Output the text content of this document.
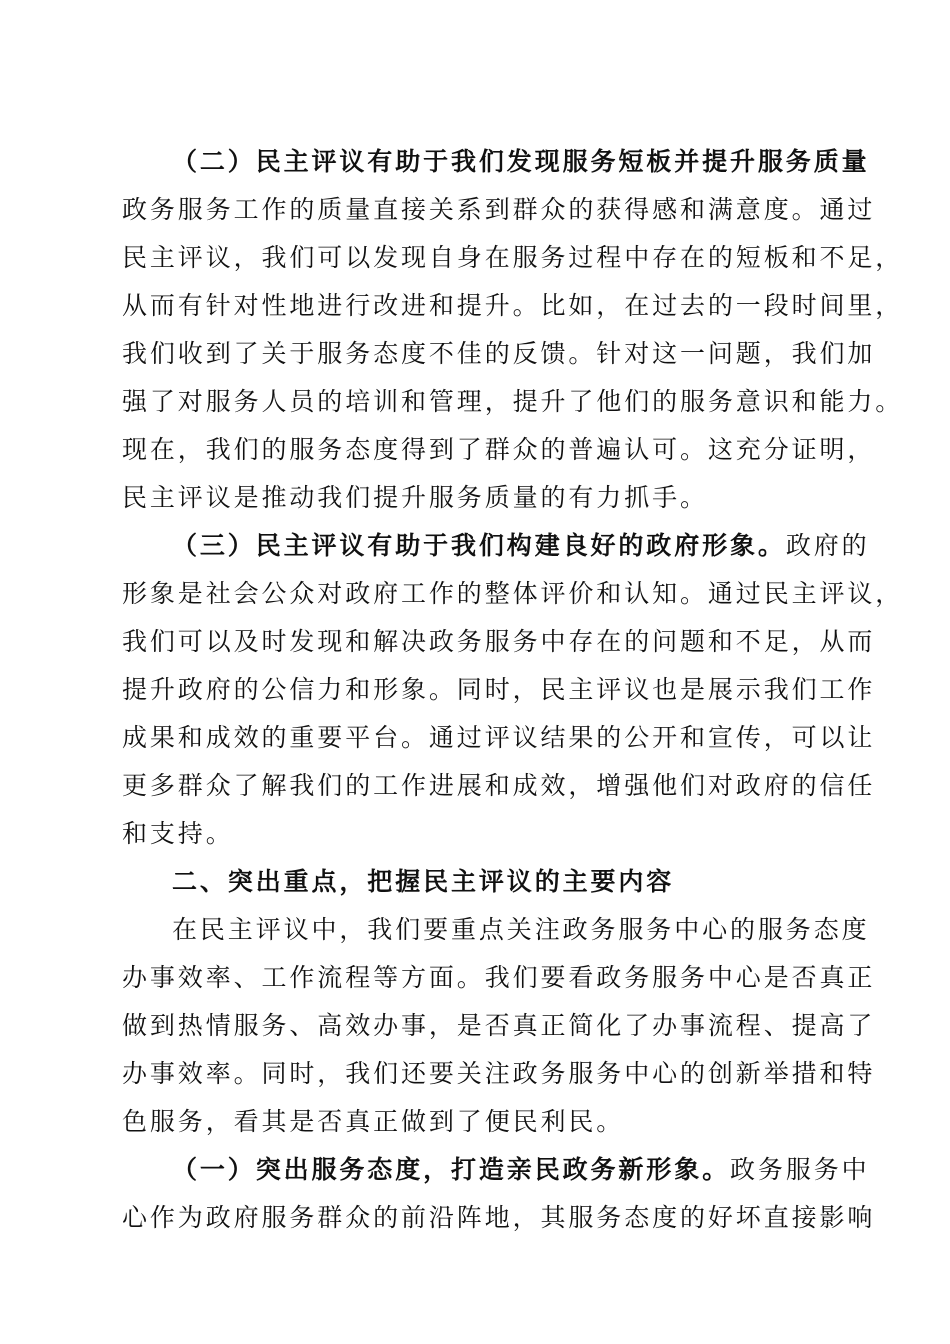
（二）民主评议有助于我们发现服务短板并提升服务质量
政务服务工作的质量直接关系到群众的获得感和满意度。通过
民主评议，我们可以发现自身在服务过程中存在的短板和不足，
从而有针对性地进行改进和提升。比如，在过去的一段时间里，
我们收到了关于服务态度不佳的反馈。针对这一问题，我们加
强了对服务人员的培训和管理，提升了他们的服务意识和能力。
现在，我们的服务态度得到了群众的普遍认可。这充分证明，
民主评议是推动我们提升服务质量的有力抓手。
（三）民主评议有助于我们构建良好的政府形象。政府的
形象是社会公众对政府工作的整体评价和认知。通过民主评议，
我们可以及时发现和解决政务服务中存在的问题和不足，从而
提升政府的公信力和形象。同时，民主评议也是展示我们工作
成果和成效的重要平台。通过评议结果的公开和宣传，可以让
更多群众了解我们的工作进展和成效，增强他们对政府的信任
和支持。
二、突出重点，把握民主评议的主要内容
在民主评议中，我们要重点关注政务服务中心的服务态度
办事效率、工作流程等方面。我们要看政务服务中心是否真正
做到热情服务、高效办事，是否真正简化了办事流程、提高了
办事效率。同时，我们还要关注政务服务中心的创新举措和特
色服务，看其是否真正做到了便民利民。
（一）突出服务态度，打造亲民政务新形象。政务服务中
心作为政府服务群众的前沿阵地，其服务态度的好坏直接影响
